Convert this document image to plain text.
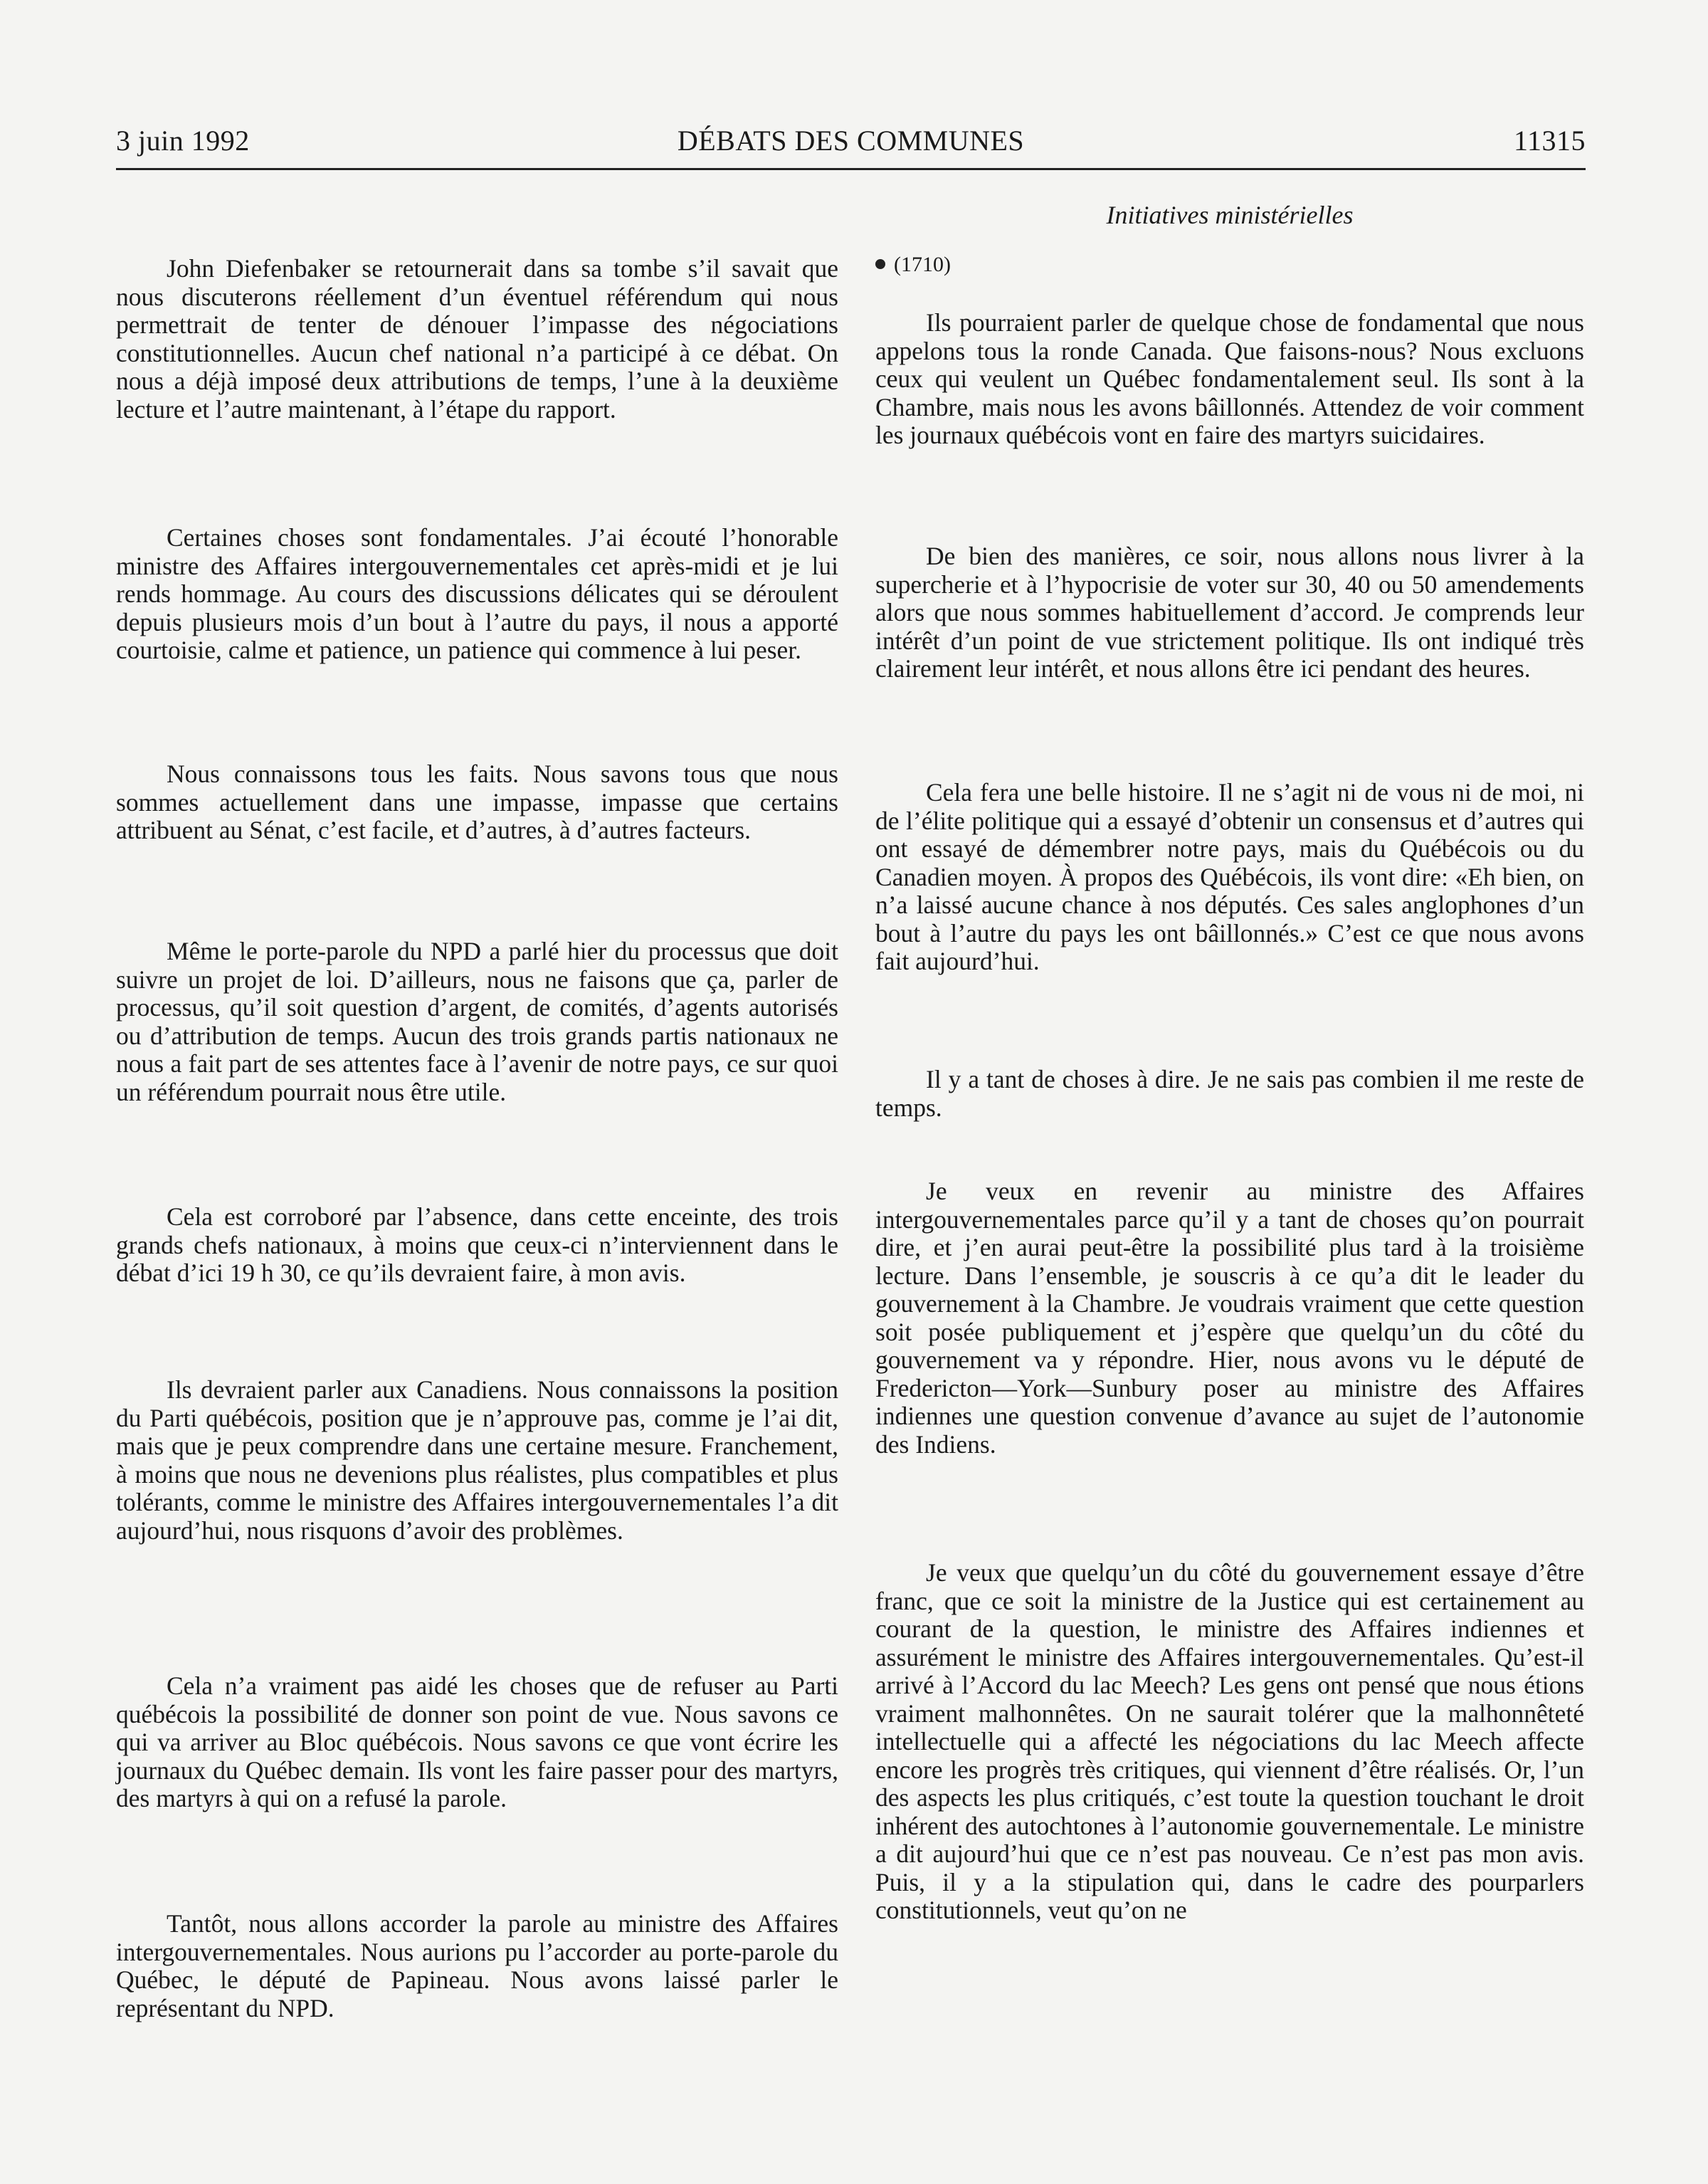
3 juin 1992	DÉBATS DES COMMUNES	11315
Initiatives ministérielles

John Diefenbaker se retournerait dans sa tombe s’il savait que nous discuterons réellement d’un éventuel référendum qui nous permettrait de tenter de dénouer l’impasse des négociations constitutionnelles. Aucun chef national n’a participé à ce débat. On nous a déjà imposé deux attributions de temps, l’une à la deuxième lecture et l’autre maintenant, à l’étape du rapport.

Certaines choses sont fondamentales. J’ai écouté l’honorable ministre des Affaires intergouvernementales cet après-midi et je lui rends hommage. Au cours des discussions délicates qui se déroulent depuis plusieurs mois d’un bout à l’autre du pays, il nous a apporté courtoisie, calme et patience, un patience qui commence à lui peser.

Nous connaissons tous les faits. Nous savons tous que nous sommes actuellement dans une impasse, impasse que certains attribuent au Sénat, c’est facile, et d’autres, à d’autres facteurs.

Même le porte-parole du NPD a parlé hier du processus que doit suivre un projet de loi. D’ailleurs, nous ne faisons que ça, parler de processus, qu’il soit question d’argent, de comités, d’agents autorisés ou d’attribution de temps. Aucun des trois grands partis nationaux ne nous a fait part de ses attentes face à l’avenir de notre pays, ce sur quoi un référendum pourrait nous être utile.

Cela est corroboré par l’absence, dans cette enceinte, des trois grands chefs nationaux, à moins que ceux-ci n’interviennent dans le débat d’ici 19 h 30, ce qu’ils devraient faire, à mon avis.

Ils devraient parler aux Canadiens. Nous connaissons la position du Parti québécois, position que je n’approuve pas, comme je l’ai dit, mais que je peux comprendre dans une certaine mesure. Franchement, à moins que nous ne devenions plus réalistes, plus compatibles et plus tolérants, comme le ministre des Affaires intergouvernementales l’a dit aujourd’hui, nous risquons d’avoir des problèmes.

Cela n’a vraiment pas aidé les choses que de refuser au Parti québécois la possibilité de donner son point de vue. Nous savons ce qui va arriver au Bloc québécois. Nous savons ce que vont écrire les journaux du Québec demain. Ils vont les faire passer pour des martyrs, des martyrs à qui on a refusé la parole.

Tantôt, nous allons accorder la parole au ministre des Affaires intergouvernementales. Nous aurions pu l’accorder au porte-parole du Québec, le député de Papineau. Nous avons laissé parler le représentant du NPD.

(1710)

Ils pourraient parler de quelque chose de fondamental que nous appelons tous la ronde Canada. Que faisons-nous? Nous excluons ceux qui veulent un Québec fondamentalement seul. Ils sont à la Chambre, mais nous les avons bâillonnés. Attendez de voir comment les journaux québécois vont en faire des martyrs suicidaires.

De bien des manières, ce soir, nous allons nous livrer à la supercherie et à l’hypocrisie de voter sur 30, 40 ou 50 amendements alors que nous sommes habituellement d’accord. Je comprends leur intérêt d’un point de vue strictement politique. Ils ont indiqué très clairement leur intérêt, et nous allons être ici pendant des heures.

Cela fera une belle histoire. Il ne s’agit ni de vous ni de moi, ni de l’élite politique qui a essayé d’obtenir un consensus et d’autres qui ont essayé de démembrer notre pays, mais du Québécois ou du Canadien moyen. À propos des Québécois, ils vont dire: «Eh bien, on n’a laissé aucune chance à nos députés. Ces sales anglophones d’un bout à l’autre du pays les ont bâillonnés.» C’est ce que nous avons fait aujourd’hui.

Il y a tant de choses à dire. Je ne sais pas combien il me reste de temps.

Je veux en revenir au ministre des Affaires intergouvernementales parce qu’il y a tant de choses qu’on pourrait dire, et j’en aurai peut-être la possibilité plus tard à la troisième lecture. Dans l’ensemble, je souscris à ce qu’a dit le leader du gouvernement à la Chambre. Je voudrais vraiment que cette question soit posée publiquement et j’espère que quelqu’un du côté du gouvernement va y répondre. Hier, nous avons vu le député de Fredericton—York—Sunbury poser au ministre des Affaires indiennes une question convenue d’avance au sujet de l’autonomie des Indiens.

Je veux que quelqu’un du côté du gouvernement essaye d’être franc, que ce soit la ministre de la Justice qui est certainement au courant de la question, le ministre des Affaires indiennes et assurément le ministre des Affaires intergouvernementales. Qu’est-il arrivé à l’Accord du lac Meech? Les gens ont pensé que nous étions vraiment malhonnêtes. On ne saurait tolérer que la malhonnêteté intellectuelle qui a affecté les négociations du lac Meech affecte encore les progrès très critiques, qui viennent d’être réalisés. Or, l’un des aspects les plus critiqués, c’est toute la question touchant le droit inhérent des autochtones à l’autonomie gouvernementale. Le ministre a dit aujourd’hui que ce n’est pas nouveau. Ce n’est pas mon avis. Puis, il y a la stipulation qui, dans le cadre des pourparlers constitutionnels, veut qu’on ne
